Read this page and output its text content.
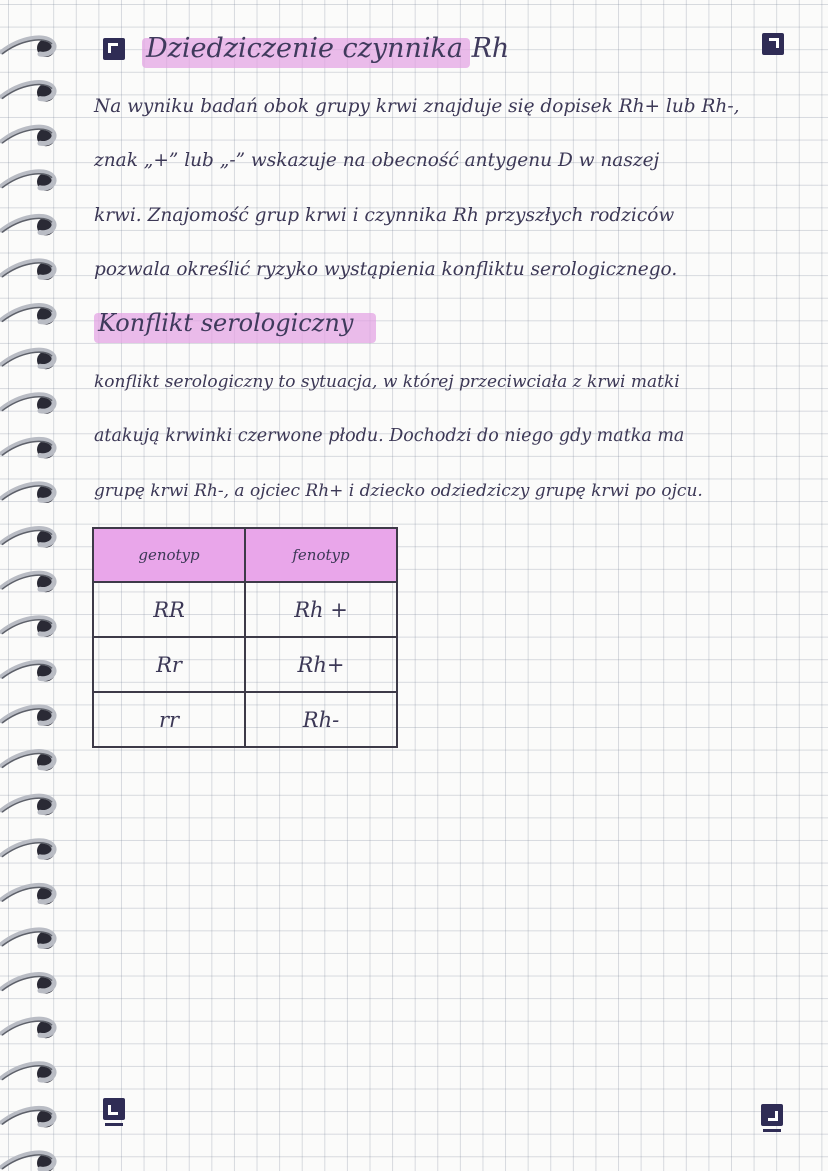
Dziedziczenie czynnika Rh
Na wyniku badań obok grupy krwi znajduje się dopisek Rh+ lub Rh-,
znak „+” lub „-” wskazuje na obecność antygenu D w naszej
krwi. Znajomość grup krwi i czynnika Rh przyszłych rodziców
pozwala określić ryzyko wystąpienia konfliktu serologicznego.
Konflikt serologiczny
konflikt serologiczny to sytuacja, w której przeciwciała z krwi matki
atakują krwinki czerwone płodu. Dochodzi do niego gdy matka ma
grupę krwi Rh-, a ojciec Rh+ i dziecko odziedziczy grupę krwi po ojcu.
genotyp	fenotyp
RR	Rh +
Rr	Rh+
rr	Rh-
